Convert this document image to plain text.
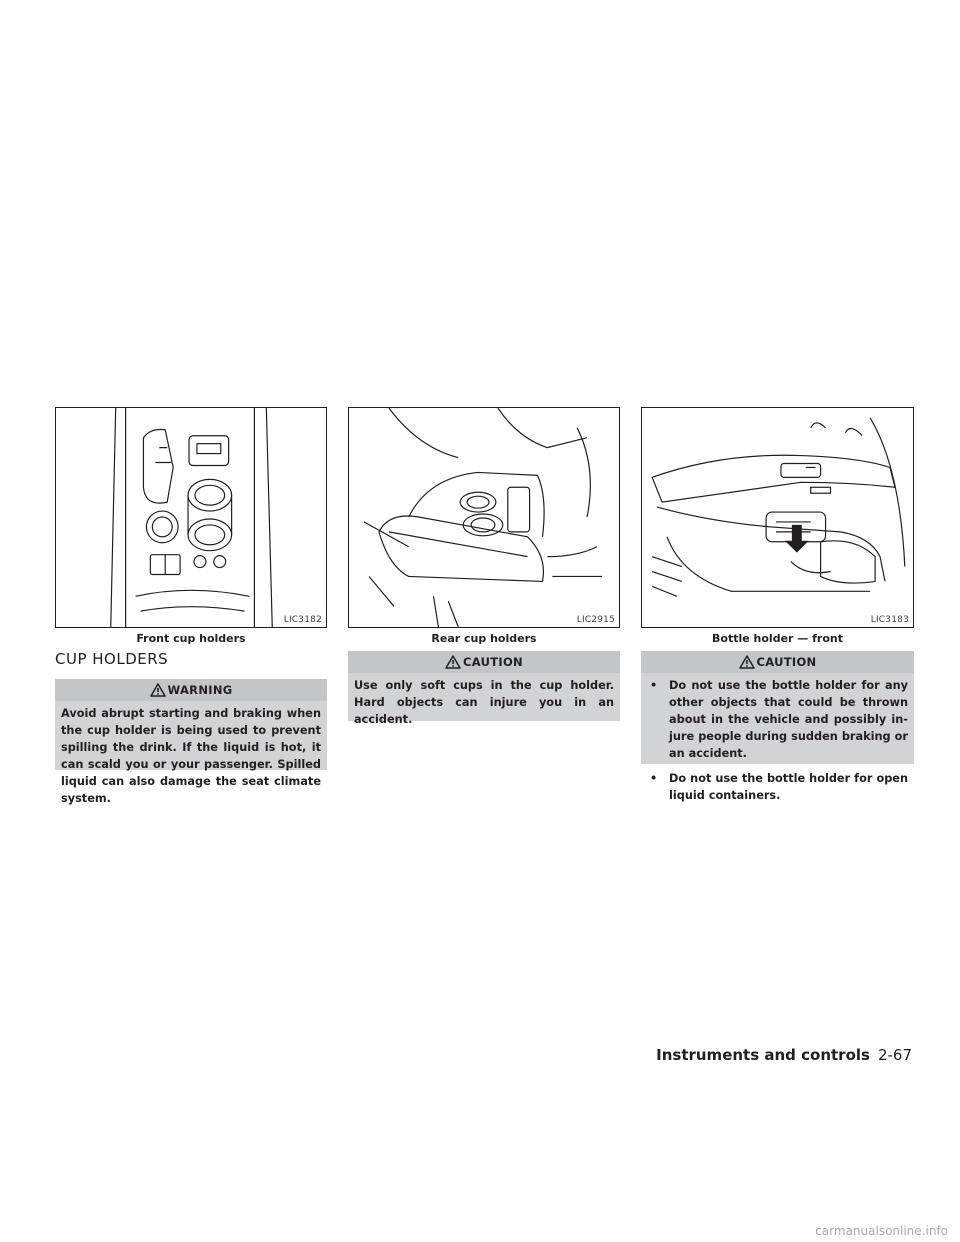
LIC3182
Front cup holders
LIC2915
Rear cup holders
LIC3183
Bottle holder — front
CUP HOLDERS
WARNING
Avoid abrupt starting and braking when the cup holder is being used to prevent spilling the drink. If the liquid is hot, it can scald you or your passenger. Spilled liquid can also damage the seat climate system.
CAUTION
Use only soft cups in the cup holder. Hard objects can injure you in an accident.
CAUTION
• Do not use the bottle holder for any other objects that could be thrown about in the vehicle and possibly in- jure people during sudden braking or an accident.
• Do not use the bottle holder for open liquid containers.
Instruments and controls 2-67
carmanualsonline.info
